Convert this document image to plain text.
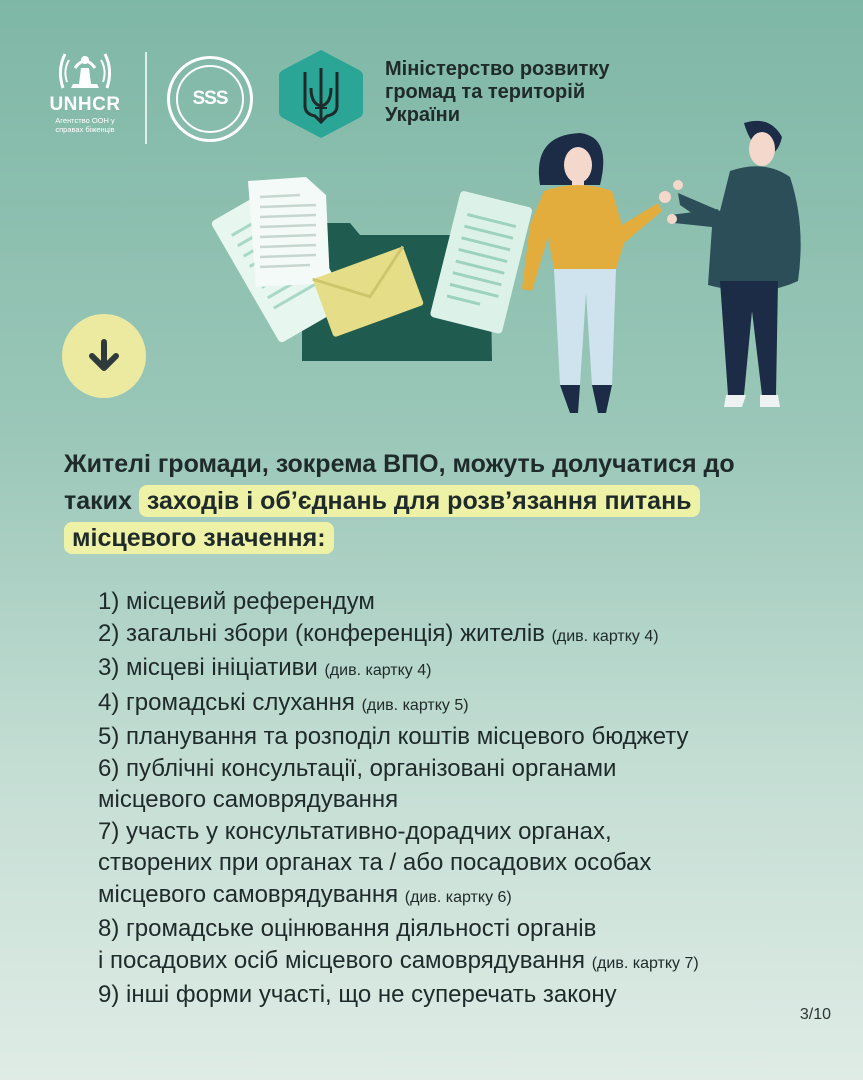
UNHCR
Агентство ООН у справах біженців
SSS
Міністерство розвитку
громад та територій
України
Жителі громади, зокрема ВПО, можуть долучатися до таких заходів і об’єднань для розв’язання питань місцевого значення:
1) місцевий референдум
2) загальні збори (конференція) жителів (див. картку 4)
3) місцеві ініціативи (див. картку 4)
4) громадські слухання (див. картку 5)
5) планування та розподіл коштів місцевого бюджету
6) публічні консультації, організовані органами
місцевого самоврядування
7) участь у консультативно-дорадчих органах,
створених при органах та / або посадових особах
місцевого самоврядування (див. картку 6)
8) громадське оцінювання діяльності органів
і посадових осіб місцевого самоврядування (див. картку 7)
9) інші форми участі, що не суперечать закону
3/10
